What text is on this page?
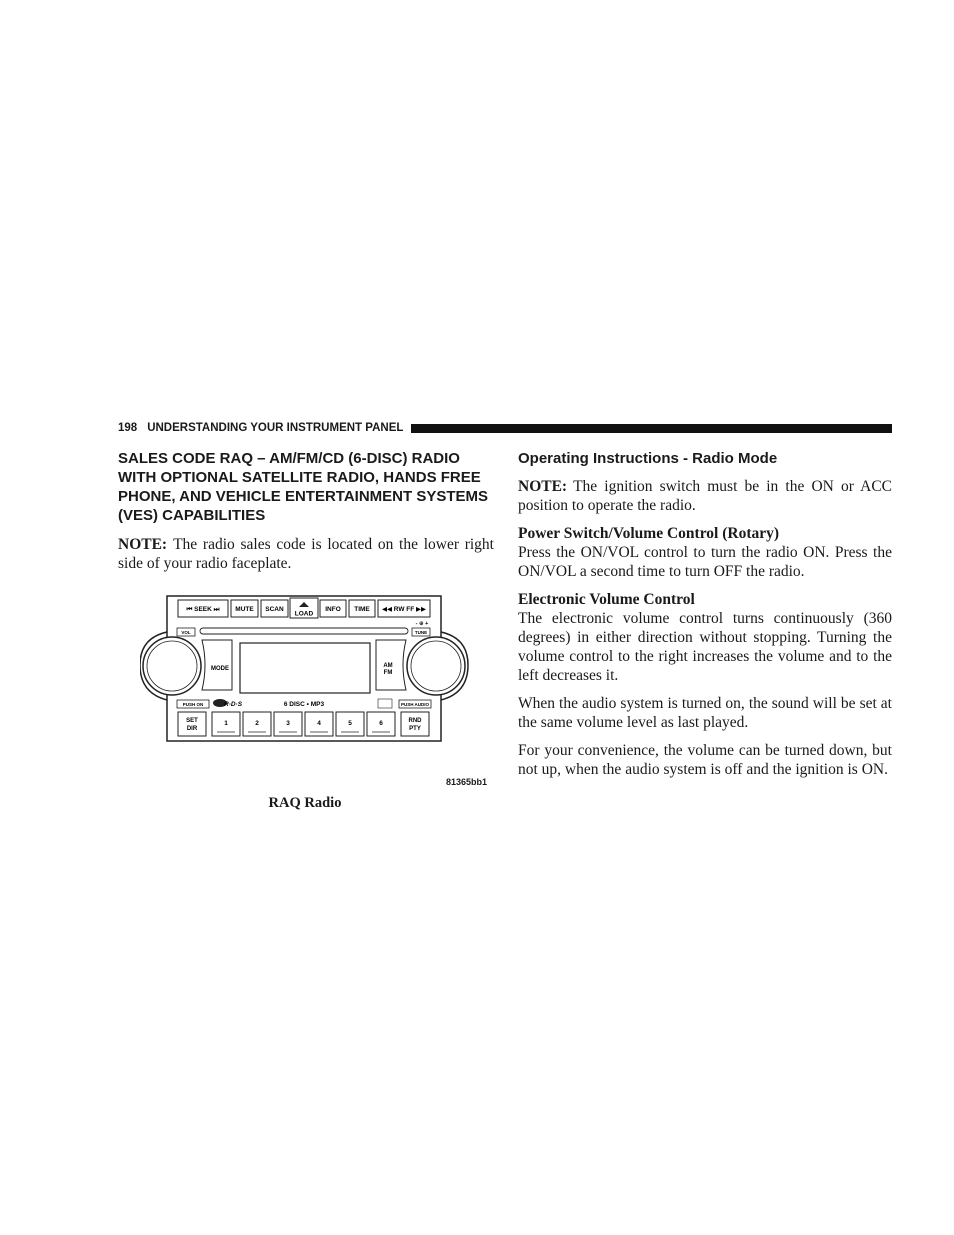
198 UNDERSTANDING YOUR INSTRUMENT PANEL
SALES CODE RAQ – AM/FM/CD (6-DISC) RADIO WITH OPTIONAL SATELLITE RADIO, HANDS FREE PHONE, AND VEHICLE ENTERTAINMENT SYSTEMS (VES) CAPABILITIES

NOTE: The radio sales code is located on the lower right side of your radio faceplate.

⏮ SEEK ⏭ MUTE SCAN
LOAD
INFO TIME ◀◀ RW FF ▶▶
VOL	TUNE
- ⊕ +
MODE	AM
FM
PUSH ON	PUSH AUDIO
R·D·S	6 DISC • MP3
SET
DIR
1	2	3	4	5	6	RND
PTY
81365bb1
RAQ Radio
Operating Instructions - Radio Mode

NOTE: The ignition switch must be in the ON or ACC position to operate the radio.

Power Switch/Volume Control (Rotary)

Press the ON/VOL control to turn the radio ON. Press the ON/VOL a second time to turn OFF the radio.

Electronic Volume Control

The electronic volume control turns continuously (360 degrees) in either direction without stopping. Turning the volume control to the right increases the volume and to the left decreases it.

When the audio system is turned on, the sound will be set at the same volume level as last played.

For your convenience, the volume can be turned down, but not up, when the audio system is off and the ignition is ON.
